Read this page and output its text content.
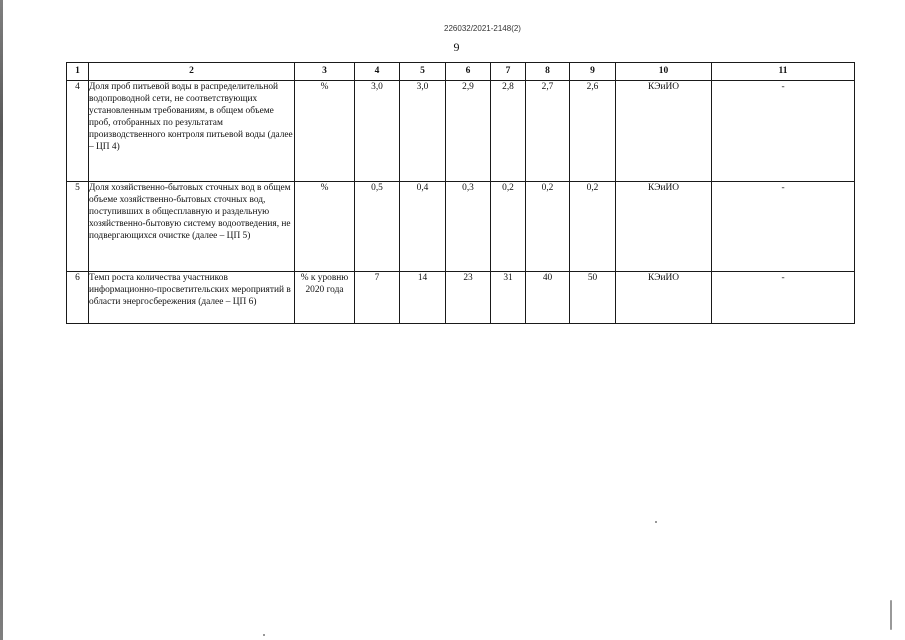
226032/2021-2148(2)
9
1	2	3	4	5	6	7	8	9	10	11
4	Доля проб питьевой воды в распределительной водопроводной сети, не соответствующих установленным требованиям, в общем объеме проб, отобранных по результатам производственного контроля питьевой воды (далее – ЦП 4)	%	3,0	3,0	2,9	2,8	2,7	2,6	КЭиИО	-
5	Доля хозяйственно-бытовых сточных вод в общем объеме хозяйственно-бытовых сточных вод, поступивших в общесплавную и раздельную хозяйственно-бытовую систему водоотведения, не подвергающихся очистке (далее – ЦП 5)	%	0,5	0,4	0,3	0,2	0,2	0,2	КЭиИО	-
6	Темп роста количества участников информационно-просветительских мероприятий в области энергосбережения (далее – ЦП 6)	% к уровню 2020 года	7	14	23	31	40	50	КЭиИО	-
